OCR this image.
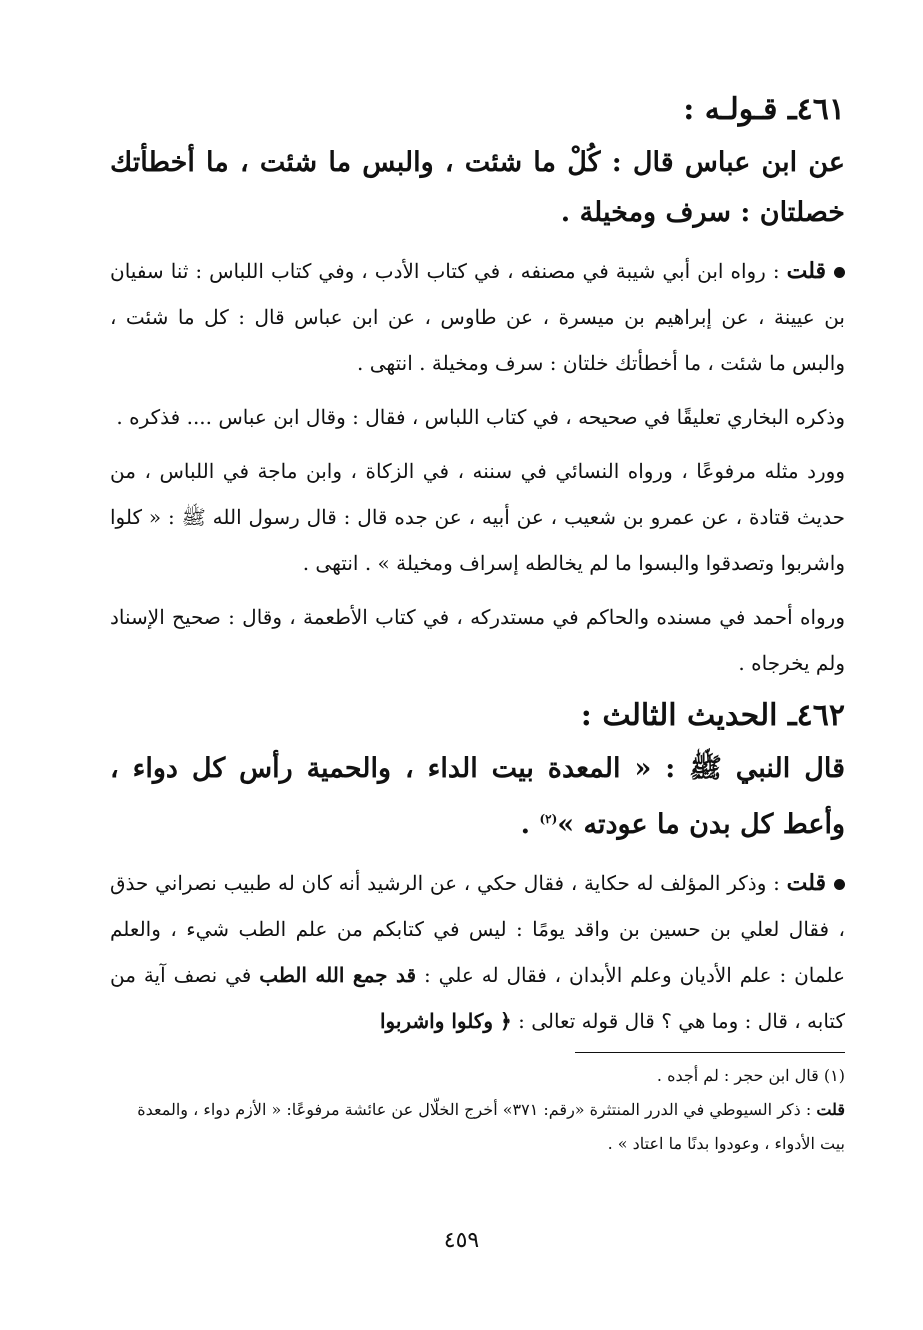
٤٦١ـ قـولـه :
عن ابن عباس قال : كُلْ ما شئت ، والبس ما شئت ، ما أخطأتك خصلتان : سرف ومخيلة .

قلت : رواه ابن أبي شيبة في مصنفه ، في كتاب الأدب ، وفي كتاب اللباس : ثنا سفيان بن عيينة ، عن إبراهيم بن ميسرة ، عن طاوس ، عن ابن عباس قال : كل ما شئت ، والبس ما شئت ، ما أخطأتك خلتان : سرف ومخيلة . انتهى .

وذكره البخاري تعليقًا في صحيحه ، في كتاب اللباس ، فقال : وقال ابن عباس .... فذكره .

وورد مثله مرفوعًا ، ورواه النسائي في سننه ، في الزكاة ، وابن ماجة في اللباس ، من حديث قتادة ، عن عمرو بن شعيب ، عن أبيه ، عن جده قال : قال رسول الله ﷺ : « كلوا واشربوا وتصدقوا والبسوا ما لم يخالطه إسراف ومخيلة » . انتهى .

ورواه أحمد في مسنده والحاكم في مستدركه ، في كتاب الأطعمة ، وقال : صحيح الإسناد ولم يخرجاه .

٤٦٢ـ الحديث الثالث :
قال النبي ﷺ : « المعدة بيت الداء ، والحمية رأس كل دواء ، وأعط كل بدن ما عودته »$^{(٢)}$ .

قلت : وذكر المؤلف له حكاية ، فقال حكي ، عن الرشيد أنه كان له طبيب نصراني حذق ، فقال لعلي بن حسين بن واقد يومًا : ليس في كتابكم من علم الطب شيء ، والعلم علمان : علم الأديان وعلم الأبدان ، فقال له علي : قد جمع الله الطب في نصف آية من كتابه ، قال : وما هي ؟ قال قوله تعالى : ﴿ وكلوا واشربوا

(١) قال ابن حجر : لم أجده .

قلت : ذكر السيوطي في الدرر المنتثرة «رقم: ٣٧١» أخرج الخلّال عن عائشة مرفوعًا: « الأزم دواء ، والمعدة بيت الأدواء ، وعودوا بدنًا ما اعتاد » .

٤٥٩
